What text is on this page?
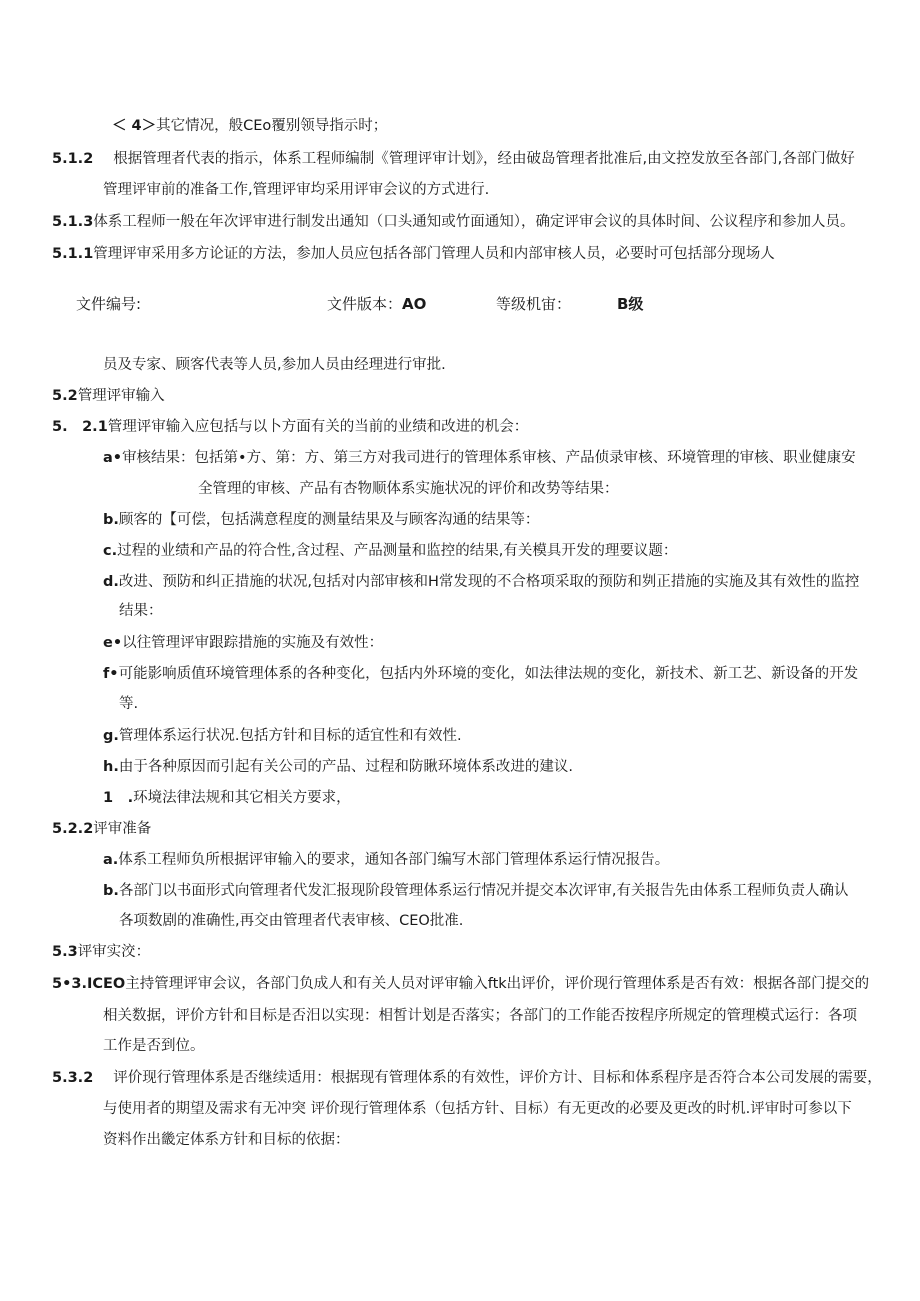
＜ 4＞其它情况，般CEo覆别领导指示时；
5.1.2 根据管理者代表的指示，体系工程师编制《管理评审计划》，经由破岛管理者批准后,由文控发放至各部门,各部门做好
管理评审前的准备工作,管理评审均采用评审会议的方式进行.
5.1.3体系工程师一般在年次评审进行制发出通知（口头通知或竹面通知），确定评审会议的具体时间、公议程序和参加人员。
5.1.1管理评审采用多方论证的方法，参加人员应包括各部门管理人员和内部审核人员，必要时可包括部分现场人
文件编号:	文件版本：AO	等级机宙：	B级
员及专家、顾客代表等人员,参加人员由经理进行审批.
5.2管理评审输入
5.　2.1管理评审输入应包括与以卜方面有关的当前的业绩和改进的机会：
a•审核结果：包括第•方、第：方、第三方对我司进行的管理体系审核、产品侦录审核、环境管理的审核、职业健康安
全管理的审核、产品有杏物顺体系实施状况的评价和改势等结果：
b.顾客的【可偿，包括满意程度的测量结果及与顾客沟通的结果等：
c.过程的业绩和产品的符合性,含过程、产品测量和监控的结果,有关模具开发的理要议题：
d.改进、预防和纠正措施的状况,包括对内部审核和H常发现的不合格项采取的预防和刿正措施的实施及其有效性的监控
结果：
e•以往管理评审跟踪措施的实施及有效性：
f•可能影响质值环境管理体系的各种变化，包括内外环境的变化，如法律法规的变化，新技术、新工艺、新设备的开发
等.
g.管理体系运行状况.包括方针和目标的适宜性和有效性.
h.由于各种原因而引起有关公司的产品、过程和防瞅环境体系改进的建议.
1　.环境法律法规和其它相关方要求，
5.2.2评审准备
a.体系工程师负所根据评审输入的要求，通知各部门编写木部门管理体系运行情况报告。
b.各部门以书面形式向管理者代发汇报现阶段管理体系运行情况并提交本次评审,有关报告先由体系工程师负责人确认
各项数剧的准确性,再交由管理者代表审核、CEO批准.
5.3评审实洨：
5•3.ICEO主持管理评审会议，各部门负成人和有关人员对评审输入ftk出评价，评价现行管理体系是否有效：根据各部门提交的
相关数据，评价方针和目标是否汨以实现：相皙计划是否落实；各部门的工作能否按程序所规定的管理模式运行：各项
工作是否到位。
5.3.2 评价现行管理体系是否继续适用：根据现有管理体系的有效性，评价方计、目标和体系程序是否符合本公司发展的需要，
与使用者的期望及需求有无冲突 评价现行管理体系（包括方针、目标）有无更改的必要及更改的时机.评审时可参以下
资料作出畿定体系方针和目标的依据：
